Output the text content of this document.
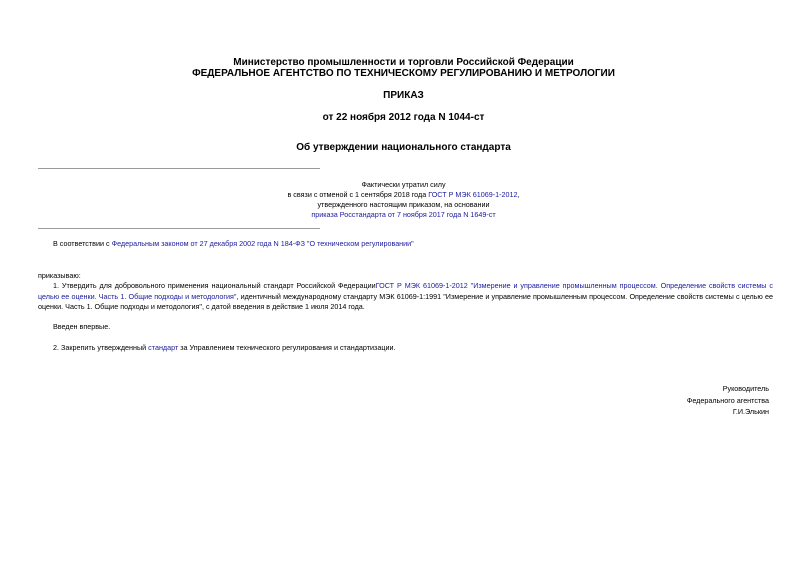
Министерство промышленности и торговли Российской Федерации
ФЕДЕРАЛЬНОЕ АГЕНТСТВО ПО ТЕХНИЧЕСКОМУ РЕГУЛИРОВАНИЮ И МЕТРОЛОГИИ
ПРИКАЗ
от 22 ноября 2012 года N 1044-ст
Об утверждении национального стандарта
Фактически утратил силу
в связи с отменой с 1 сентября 2018 года ГОСТ Р МЭК 61069-1-2012,
утвержденного настоящим приказом, на основании
приказа Росстандарта от 7 ноября 2017 года N 1649-ст
В соответствии с Федеральным законом от 27 декабря 2002 года N 184-ФЗ "О техническом регулировании"
приказываю:
1. Утвердить для добровольного применения национальный стандарт Российской ФедерацииГОСТ Р МЭК 61069-1-2012 "Измерение и управление промышленным процессом. Определение свойств системы с целью ее оценки. Часть 1. Общие подходы и методология", идентичный международному стандарту МЭК 61069-1:1991 "Измерение и управление промышленным процессом. Определение свойств системы с целью ее оценки. Часть 1. Общие подходы и методология", с датой введения в действие 1 июля 2014 года.
Введен впервые.
2. Закрепить утвержденный стандарт за Управлением технического регулирования и стандартизации.
Руководитель
Федерального агентства
Г.И.Элькин
